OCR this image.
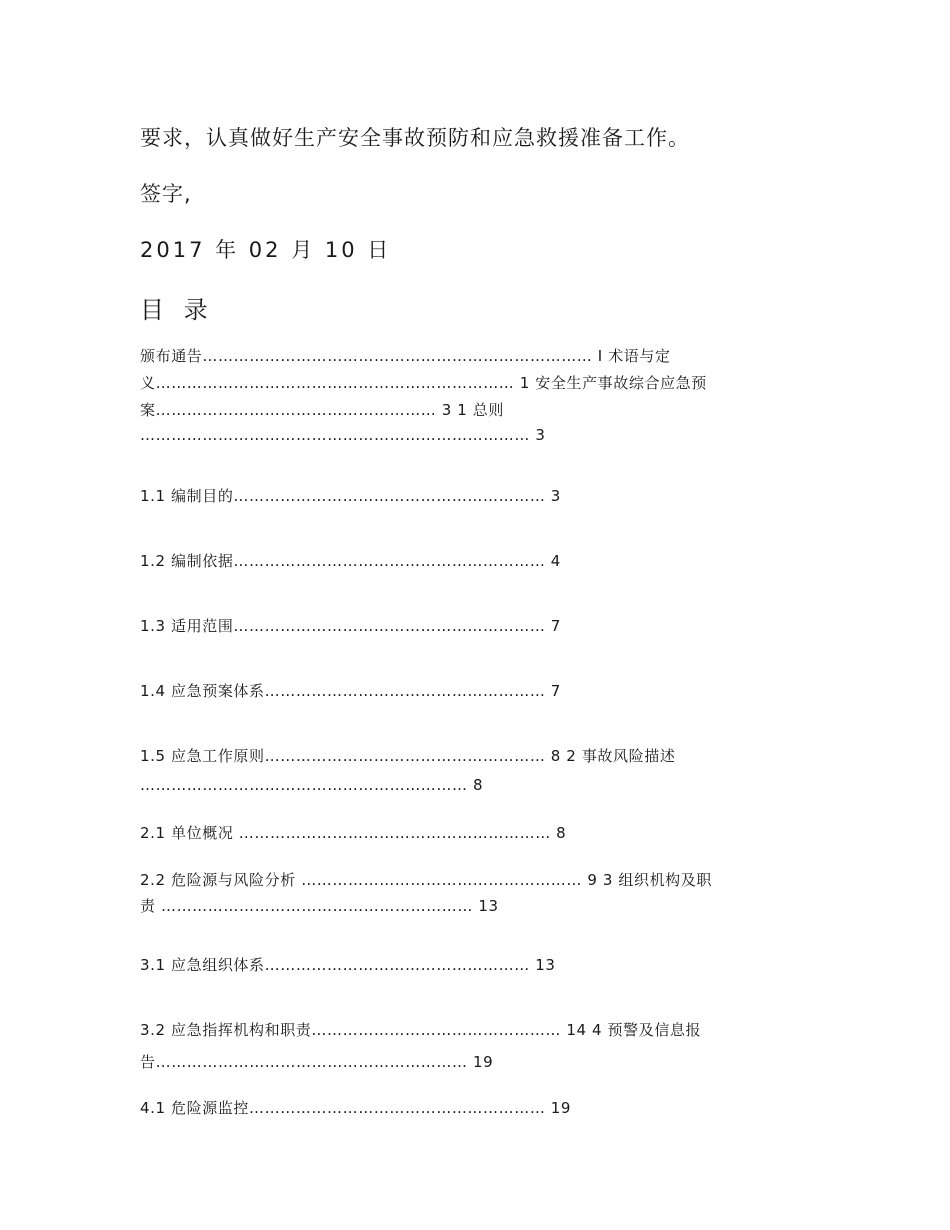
要求，认真做好生产安全事故预防和应急救援准备工作。
签字,
2017 年 02 月 10 日
目 录
颁布通告………………………………………………………………… I 术语与定
义…………………………………………………………… 1 安全生产事故综合应急预
案……………………………………………… 3 1 总则
………………………………………………………………… 3
1.1 编制目的…………………………………………………… 3
1.2 编制依据…………………………………………………… 4
1.3 适用范围…………………………………………………… 7
1.4 应急预案体系……………………………………………… 7
1.5 应急工作原则……………………………………………… 8 2 事故风险描述
……………………………………………………… 8
2.1 单位概况 …………………………………………………… 8
2.2 危险源与风险分析 ……………………………………………… 9 3 组织机构及职
责 …………………………………………………… 13
3.1 应急组织体系…………………………………………… 13
3.2 应急指挥机构和职责………………………………………… 14 4 预警及信息报
告…………………………………………………… 19
4.1 危险源监控………………………………………………… 19
